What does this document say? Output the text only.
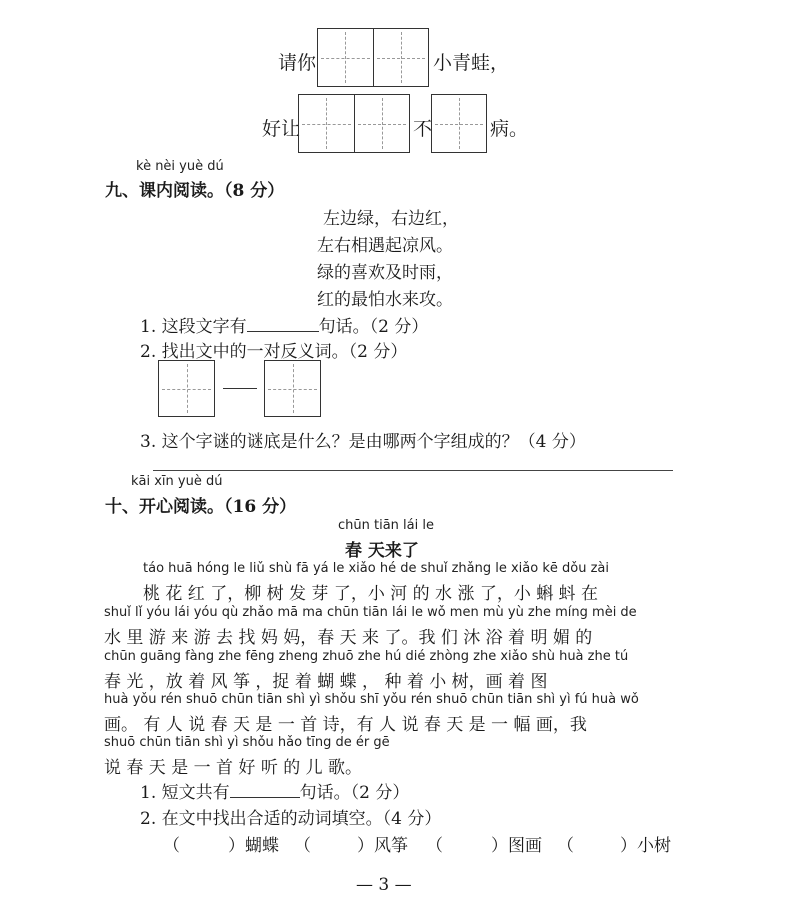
请你	小青蛙，
好让	不	病。
kè nèi yuè dú
九、课内阅读。（8 分）
左边绿，右边红，
左右相遇起凉风。
绿的喜欢及时雨，
红的最怕水来攻。
1. 这段文字有	句话。（2 分）
2. 找出文中的一对反义词。（2 分）
3. 这个字谜的谜底是什么？是由哪两个字组成的？（4 分）
kāi xīn yuè dú
十、开心阅读。（16 分）
chūn tiān lái le
春 天来了
táo huā hóng le liǔ shù fā yá le xiǎo hé de shuǐ zhǎng le xiǎo kē dǒu zài
桃 花 红 了，柳 树 发 芽 了，小 河 的 水 涨 了，小 蝌 蚪 在
shuǐ lǐ yóu lái yóu qù zhǎo mā ma chūn tiān lái le wǒ men mù yù zhe míng mèi de
水 里 游 来 游 去 找 妈 妈，春 天 来 了。我 们 沐 浴 着 明 媚 的
chūn guāng fàng zhe fēng zheng zhuō zhe hú dié zhòng zhe xiǎo shù huà zhe tú
春 光 ，放 着 风 筝 ，捉 着 蝴 蝶 ， 种 着 小 树，画 着 图
huà yǒu rén shuō chūn tiān shì yì shǒu shī yǒu rén shuō chūn tiān shì yì fú huà wǒ
画。 有 人 说 春 天 是 一 首 诗，有 人 说 春 天 是 一 幅 画，我
shuō chūn tiān shì yì shǒu hǎo tīng de ér gē
说 春 天 是 一 首 好 听 的 儿 歌。
1. 短文共有	句话。（2 分）
2. 在文中找出合适的动词填空。（4 分）
（	）蝴蝶 （	）风筝 （	）图画 （	）小树
— 3 —
